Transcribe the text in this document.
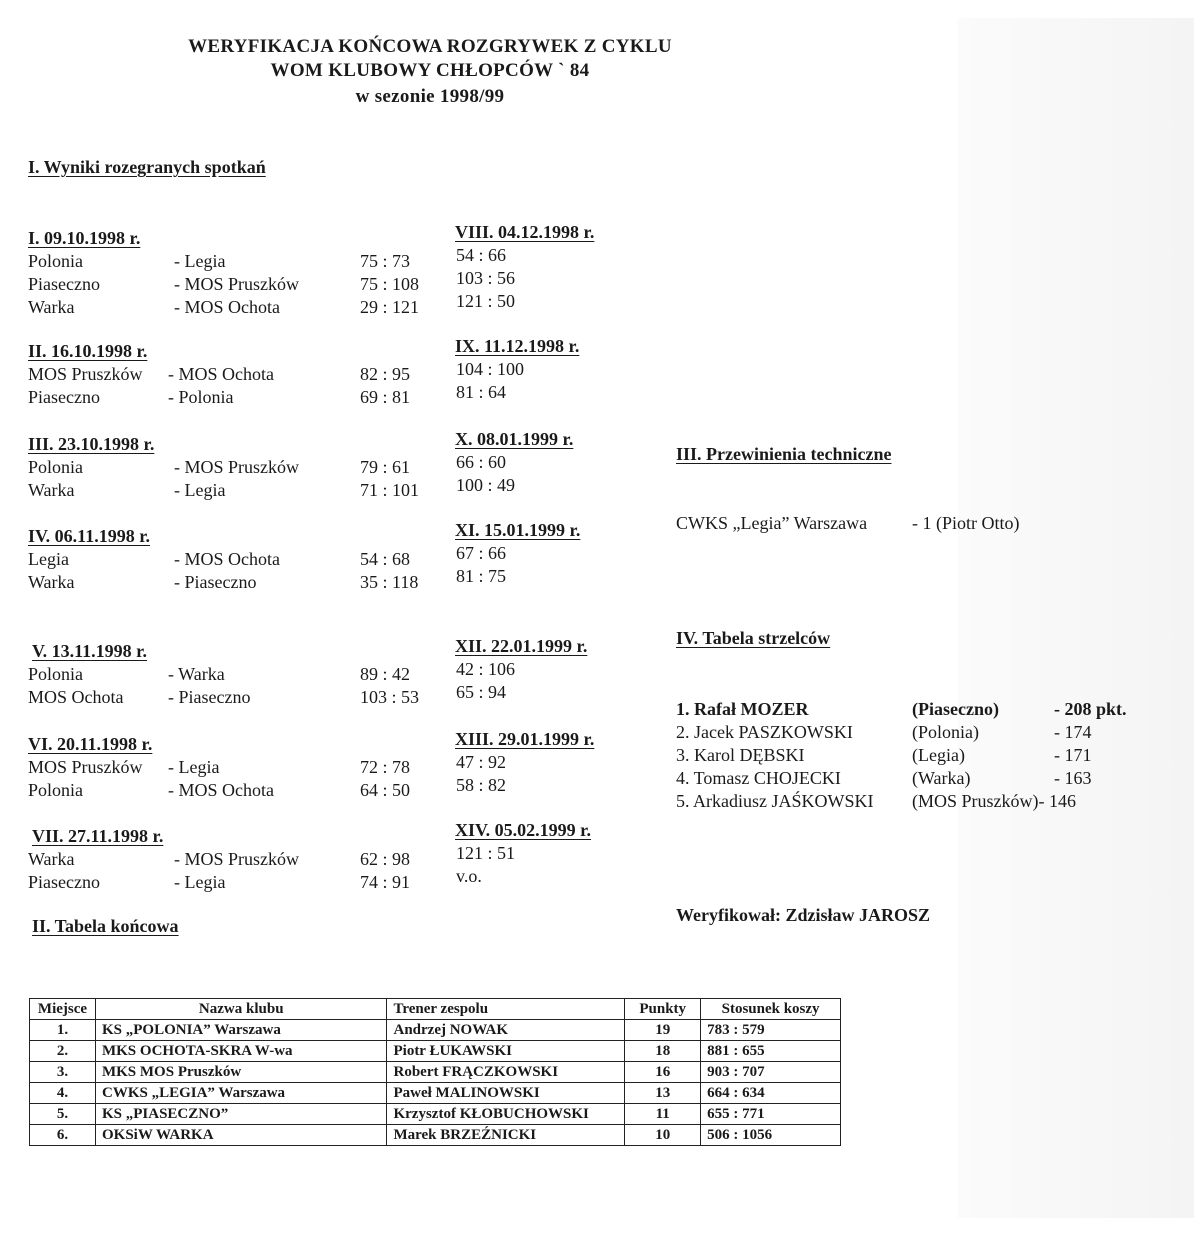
WERYFIKACJA KOŃCOWA ROZGRYWEK Z CYKLU
WOM KLUBOWY CHŁOPCÓW ` 84
w sezonie 1998/99
I. Wyniki rozegranych spotkań
I. 09.10.1998 r.
Polonia	- Legia	75 : 73
Piaseczno	- MOS Pruszków	75 : 108
Warka	- MOS Ochota	29 : 121
II. 16.10.1998 r.
MOS Pruszków - MOS Ochota	82 : 95
Piaseczno	- Polonia	69 : 81
III. 23.10.1998 r.
Polonia	- MOS Pruszków	79 : 61
Warka	- Legia	71 : 101
IV. 06.11.1998 r.
Legia	- MOS Ochota	54 : 68
Warka	- Piaseczno	35 : 118
V. 13.11.1998 r.
Polonia	- Warka	89 : 42
MOS Ochota - Piaseczno	103 : 53
VI. 20.11.1998 r.
MOS Pruszków - Legia	72 : 78
Polonia	- MOS Ochota	64 : 50
VII. 27.11.1998 r.
Warka	- MOS Pruszków	62 : 98
Piaseczno	- Legia	74 : 91
VIII. 04.12.1998 r.
54 : 66
103 : 56
121 : 50
IX. 11.12.1998 r.
104 : 100
81 : 64
X. 08.01.1999 r.
66 : 60
100 : 49
XI. 15.01.1999 r.
67 : 66
81 : 75
XII. 22.01.1999 r.
42 : 106
65 : 94
XIII. 29.01.1999 r.
47 : 92
58 : 82
XIV. 05.02.1999 r.
121 : 51
v.o.
II. Tabela końcowa
Miejsce	Nazwa klubu	Trener zespolu	Punkty	Stosunek koszy
1.	KS „POLONIA” Warszawa	Andrzej NOWAK	19	783 : 579
2.	MKS OCHOTA-SKRA W-wa	Piotr ŁUKAWSKI	18	881 : 655
3.	MKS MOS Pruszków	Robert FRĄCZKOWSKI	16	903 : 707
4.	CWKS „LEGIA” Warszawa	Paweł MALINOWSKI	13	664 : 634
5.	KS „PIASECZNO”	Krzysztof KŁOBUCHOWSKI	11	655 : 771
6.	OKSiW WARKA	Marek BRZEŹNICKI	10	506 : 1056
III. Przewinienia techniczne
CWKS „Legia” Warszawa - 1 (Piotr Otto)
IV. Tabela strzelców
1. Rafał MOZER	(Piaseczno)	- 208 pkt.
2. Jacek PASZKOWSKI	(Polonia)	- 174
3. Karol DĘBSKI	(Legia)	- 171
4. Tomasz CHOJECKI	(Warka)	- 163
5. Arkadiusz JAŚKOWSKI (MOS Pruszków)- 146
Weryfikował: Zdzisław JAROSZ
